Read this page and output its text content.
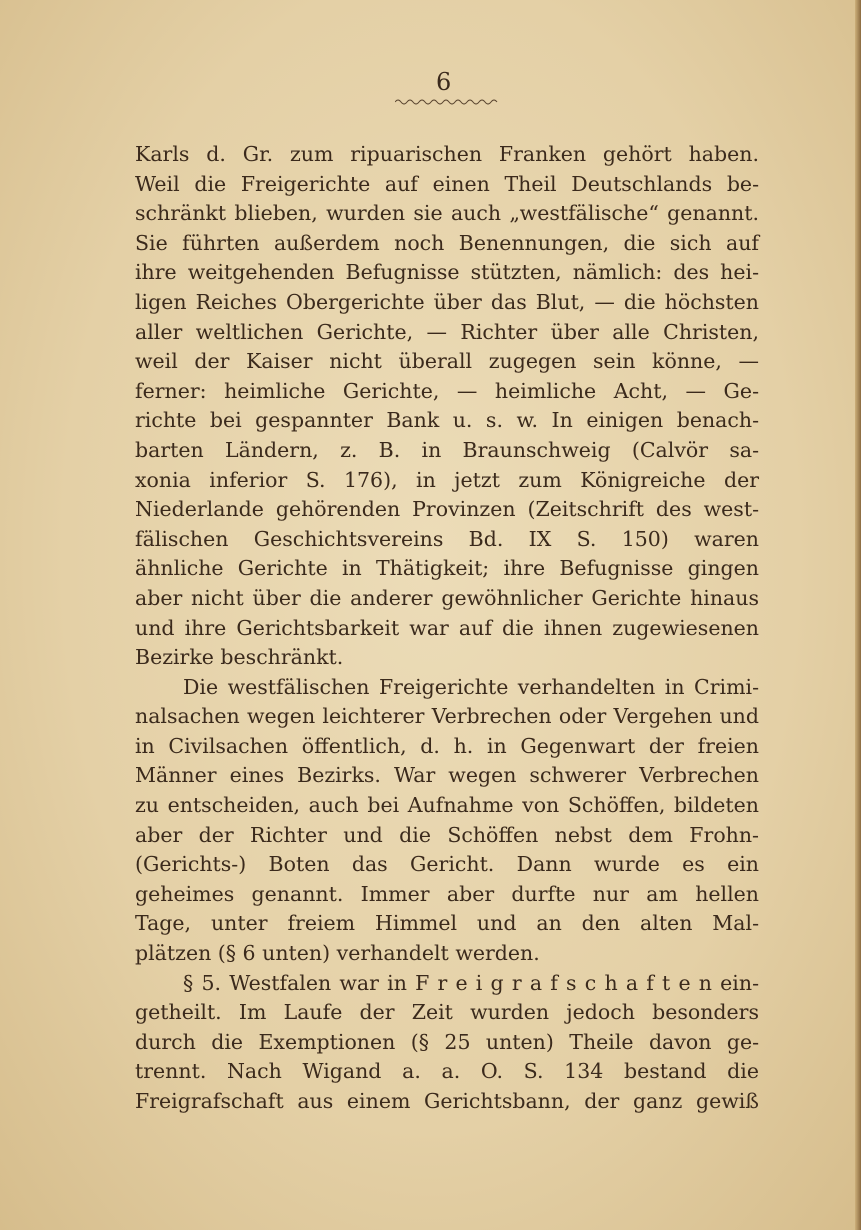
6
Karls d. Gr. zum ripuarischen Franken gehört haben.
Weil die Freigerichte auf einen Theil Deutschlands be-
schränkt blieben, wurden sie auch „westfälische“ genannt.
Sie führten außerdem noch Benennungen, die sich auf
ihre weitgehenden Befugnisse stützten, nämlich: des hei-
ligen Reiches Obergerichte über das Blut, — die höchsten
aller weltlichen Gerichte, — Richter über alle Christen,
weil der Kaiser nicht überall zugegen sein könne, —
ferner: heimliche Gerichte, — heimliche Acht, — Ge-
richte bei gespannter Bank u. s. w. In einigen benach-
barten Ländern, z. B. in Braunschweig (Calvör sa-
xonia inferior S. 176), in jetzt zum Königreiche der
Niederlande gehörenden Provinzen (Zeitschrift des west-
fälischen Geschichtsvereins Bd. IX S. 150) waren
ähnliche Gerichte in Thätigkeit; ihre Befugnisse gingen
aber nicht über die anderer gewöhnlicher Gerichte hinaus
und ihre Gerichtsbarkeit war auf die ihnen zugewiesenen
Bezirke beschränkt.
Die westfälischen Freigerichte verhandelten in Crimi-
nalsachen wegen leichterer Verbrechen oder Vergehen und
in Civilsachen öffentlich, d. h. in Gegenwart der freien
Männer eines Bezirks. War wegen schwerer Verbrechen
zu entscheiden, auch bei Aufnahme von Schöffen, bildeten
aber der Richter und die Schöffen nebst dem Frohn-
(Gerichts-) Boten das Gericht. Dann wurde es ein
geheimes genannt. Immer aber durfte nur am hellen
Tage, unter freiem Himmel und an den alten Mal-
plätzen (§ 6 unten) verhandelt werden.
§ 5. Westfalen war in F r e i g r a f s c h a f t e n ein-
getheilt. Im Laufe der Zeit wurden jedoch besonders
durch die Exemptionen (§ 25 unten) Theile davon ge-
trennt. Nach Wigand a. a. O. S. 134 bestand die
Freigrafschaft aus einem Gerichtsbann, der ganz gewiß
